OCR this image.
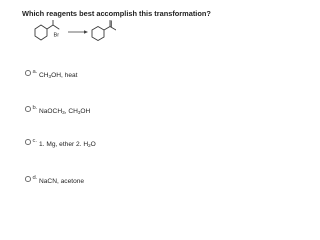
Which reagents best accomplish this transformation?
Br
a.
$CH_3OH$, heat
b.
NaOCH$_3$, $CH_3OH$
c.
1. Mg, ether 2. $H_2O$
d.
NaCN, acetone
